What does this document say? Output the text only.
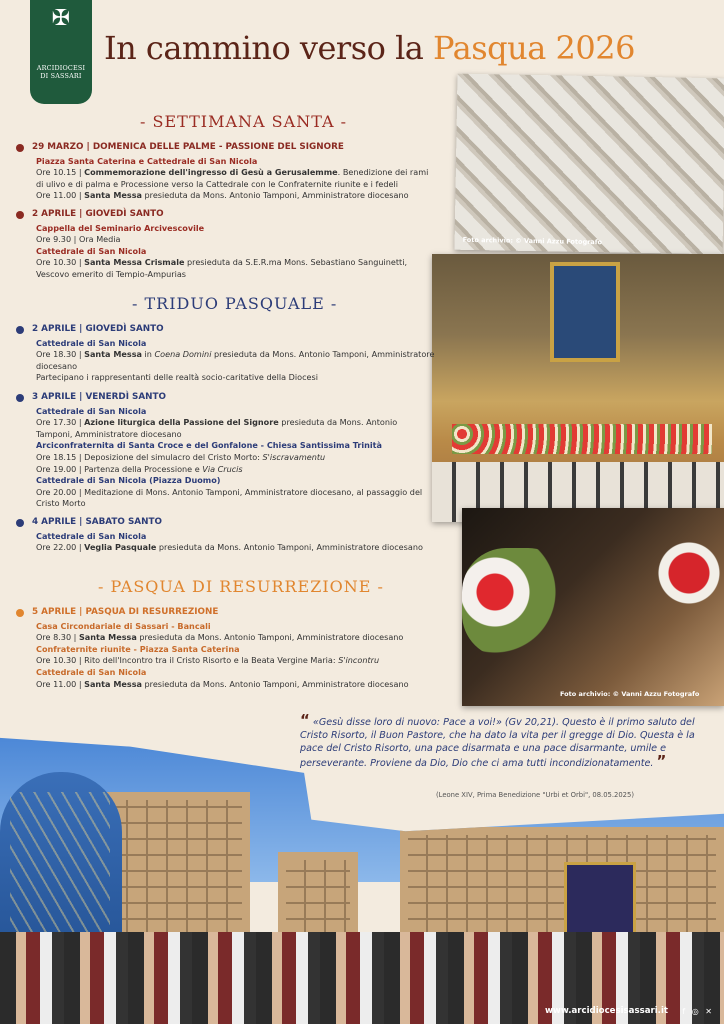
✠
ARCIDIOCESI
DI SASSARI
In cammino verso la Pasqua 2026
Foto archivio: © Vanni Azzu Fotografo
Foto archivio: © Vanni Azzu Fotografo
- SETTIMANA SANTA -
29 MARZO | DOMENICA DELLE PALME - PASSIONE DEL SIGNORE
Piazza Santa Caterina e Cattedrale di San Nicola
Ore 10.15 | Commemorazione dell'ingresso di Gesù a Gerusalemme. Benedizione dei rami di ulivo e di palma e Processione verso la Cattedrale con le Confraternite riunite e i fedeli
Ore 11.00 | Santa Messa presieduta da Mons. Antonio Tamponi, Amministratore diocesano
2 APRILE | GIOVEDÌ SANTO
Cappella del Seminario Arcivescovile
Ore 9.30 | Ora Media
Cattedrale di San Nicola
Ore 10.30 | Santa Messa Crismale presieduta da S.E.R.ma Mons. Sebastiano Sanguinetti, Vescovo emerito di Tempio-Ampurias
- TRIDUO PASQUALE -
2 APRILE | GIOVEDÌ SANTO
Cattedrale di San Nicola
Ore 18.30 | Santa Messa in Coena Domini presieduta da Mons. Antonio Tamponi, Amministratore diocesano
Partecipano i rappresentanti delle realtà socio-caritative della Diocesi
3 APRILE | VENERDÌ SANTO
Cattedrale di San Nicola
Ore 17.30 | Azione liturgica della Passione del Signore presieduta da Mons. Antonio Tamponi, Amministratore diocesano
Arciconfraternita di Santa Croce e del Gonfalone - Chiesa Santissima Trinità
Ore 18.15 | Deposizione del simulacro del Cristo Morto: S'iscravamentu
Ore 19.00 | Partenza della Processione e Via Crucis
Cattedrale di San Nicola (Piazza Duomo)
Ore 20.00 | Meditazione di Mons. Antonio Tamponi, Amministratore diocesano, al passaggio del Cristo Morto
4 APRILE | SABATO SANTO
Cattedrale di San Nicola
Ore 22.00 | Veglia Pasquale presieduta da Mons. Antonio Tamponi, Amministratore diocesano
- PASQUA DI RESURREZIONE -
5 APRILE | PASQUA DI RESURREZIONE
Casa Circondariale di Sassari - Bancali
Ore 8.30 | Santa Messa presieduta da Mons. Antonio Tamponi, Amministratore diocesano
Confraternite riunite - Piazza Santa Caterina
Ore 10.30 | Rito dell'Incontro tra il Cristo Risorto e la Beata Vergine Maria: S'incontru
Cattedrale di San Nicola
Ore 11.00 | Santa Messa presieduta da Mons. Antonio Tamponi, Amministratore diocesano
“ «Gesù disse loro di nuovo: Pace a voi!» (Gv 20,21). Questo è il primo saluto del Cristo Risorto, il Buon Pastore, che ha dato la vita per il gregge di Dio. Questa è la pace del Cristo Risorto, una pace disarmata e una pace disarmante, umile e perseverante. Proviene da Dio, Dio che ci ama tutti incondizionatamente. ”
(Leone XIV, Prima Benedizione "Urbi et Orbi", 08.05.2025)
www.arcidiocesisassari.it f ◎ ✕
